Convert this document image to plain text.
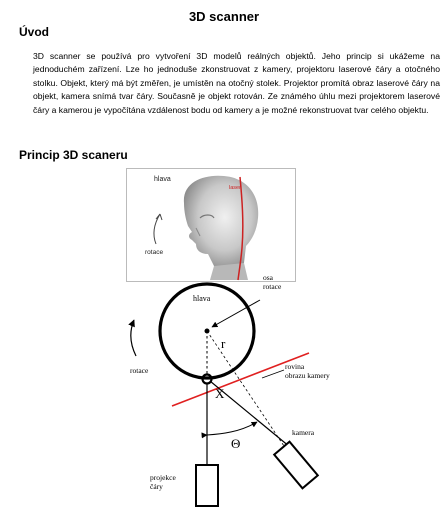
3D scanner
Úvod
3D scanner se používá pro vytvoření 3D modelů reálných objektů. Jeho princip si ukážeme na jednoduchém zařízení. Lze ho jednoduše zkonstruovat z kamery, projektoru laserové čáry a otočného stolku. Objekt, který má být změřen, je umístěn na otočný stolek. Projektor promítá obraz laserové čáry na objekt, kamera snímá tvar čáry. Současně je objekt rotován. Ze známého úhlu mezi projektorem laserové čáry a kamerou je vypočítána vzdálenost bodu od kamery a je možné rekonstruovat tvar celého objektu.
Princip 3D scaneru
hlava
laser
rotace
hlava
osa rotace
r
X
rotace	rovina obrazu kamery
Θ
kamera
projekce čáry
